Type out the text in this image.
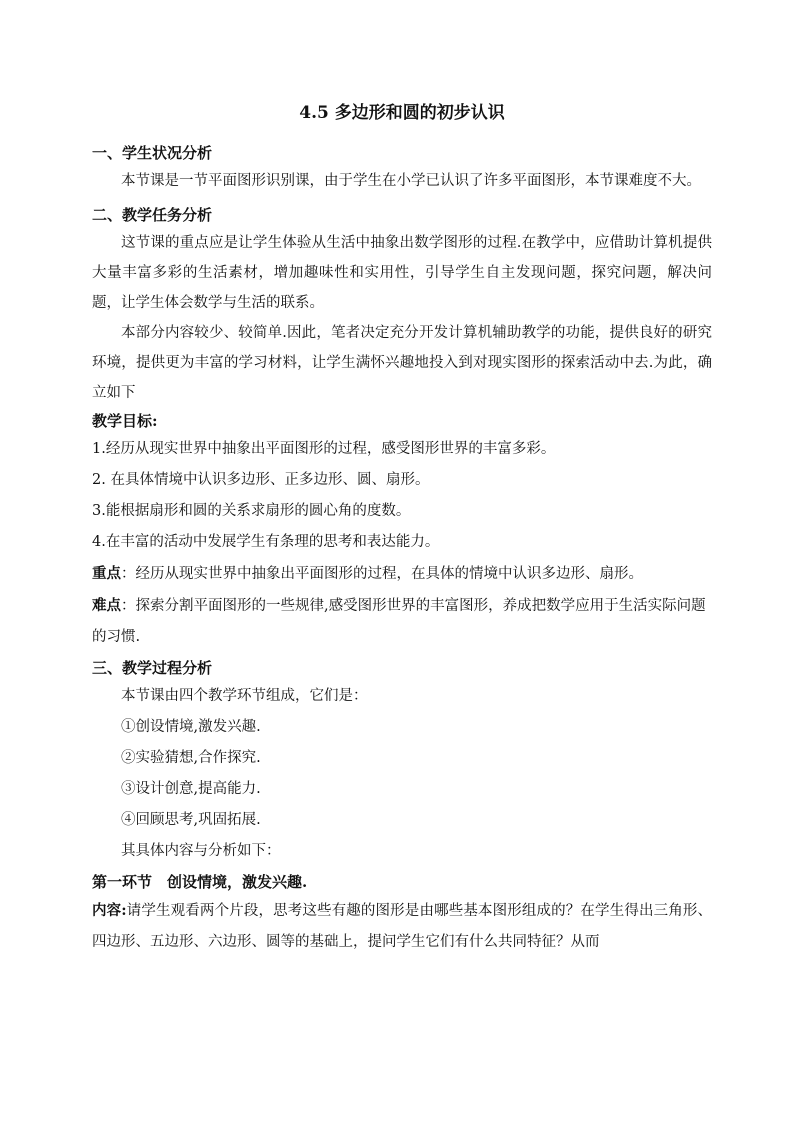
4.5 多边形和圆的初步认识

一、学生状况分析

本节课是一节平面图形识别课，由于学生在小学已认识了许多平面图形，本节课难度不大。

二、教学任务分析

这节课的重点应是让学生体验从生活中抽象出数学图形的过程.在教学中，应借助计算机提供大量丰富多彩的生活素材，增加趣味性和实用性，引导学生自主发现问题，探究问题，解决问题，让学生体会数学与生活的联系。

本部分内容较少、较简单.因此，笔者决定充分开发计算机辅助教学的功能，提供良好的研究环境，提供更为丰富的学习材料，让学生满怀兴趣地投入到对现实图形的探索活动中去.为此，确立如下

教学目标:

1.经历从现实世界中抽象出平面图形的过程，感受图形世界的丰富多彩。

2. 在具体情境中认识多边形、正多边形、圆、扇形。

3.能根据扇形和圆的关系求扇形的圆心角的度数。

4.在丰富的活动中发展学生有条理的思考和表达能力。

重点：经历从现实世界中抽象出平面图形的过程，在具体的情境中认识多边形、扇形。

难点：探索分割平面图形的一些规律,感受图形世界的丰富图形，养成把数学应用于生活实际问题的习惯.

三、教学过程分析

本节课由四个教学环节组成，它们是：

①创设情境,激发兴趣.

②实验猜想,合作探究.

③设计创意,提高能力.

④回顾思考,巩固拓展.

其具体内容与分析如下：

第一环节　创设情境，激发兴趣.

内容:请学生观看两个片段，思考这些有趣的图形是由哪些基本图形组成的？在学生得出三角形、四边形、五边形、六边形、圆等的基础上，提问学生它们有什么共同特征？从而
